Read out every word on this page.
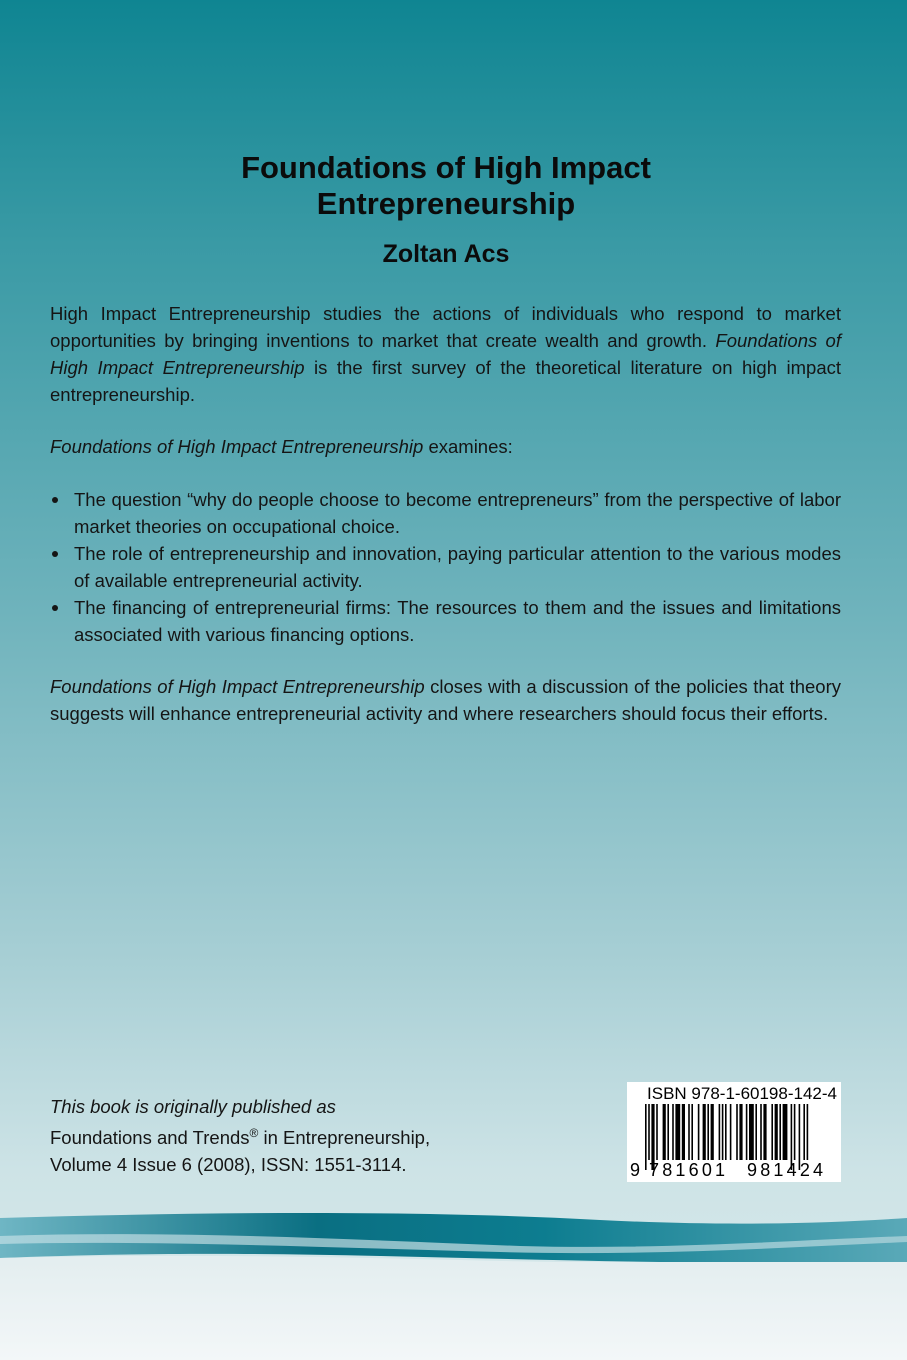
Foundations of High Impact
Entrepreneurship
Zoltan Acs
High Impact Entrepreneurship studies the actions of individuals who respond to market opportunities by bringing inventions to market that create wealth and growth. Foundations of High Impact Entrepreneurship is the first survey of the theoretical literature on high impact entrepreneurship.
Foundations of High Impact Entrepreneurship examines:
The question “why do people choose to become entrepreneurs” from the perspective of labor market theories on occupational choice.
The role of entrepreneurship and innovation, paying particular attention to the various modes of available entrepreneurial activity.
The financing of entrepreneurial firms: The resources to them and the issues and limitations associated with various financing options.
Foundations of High Impact Entrepreneurship closes with a discussion of the policies that theory suggests will enhance entrepreneurial activity and where researchers should focus their efforts.
This book is originally published as
Foundations and Trends® in Entrepreneurship,
Volume 4 Issue 6 (2008), ISSN: 1551-3114.
ISBN 978-1-60198-142-4
9 781601 981424
